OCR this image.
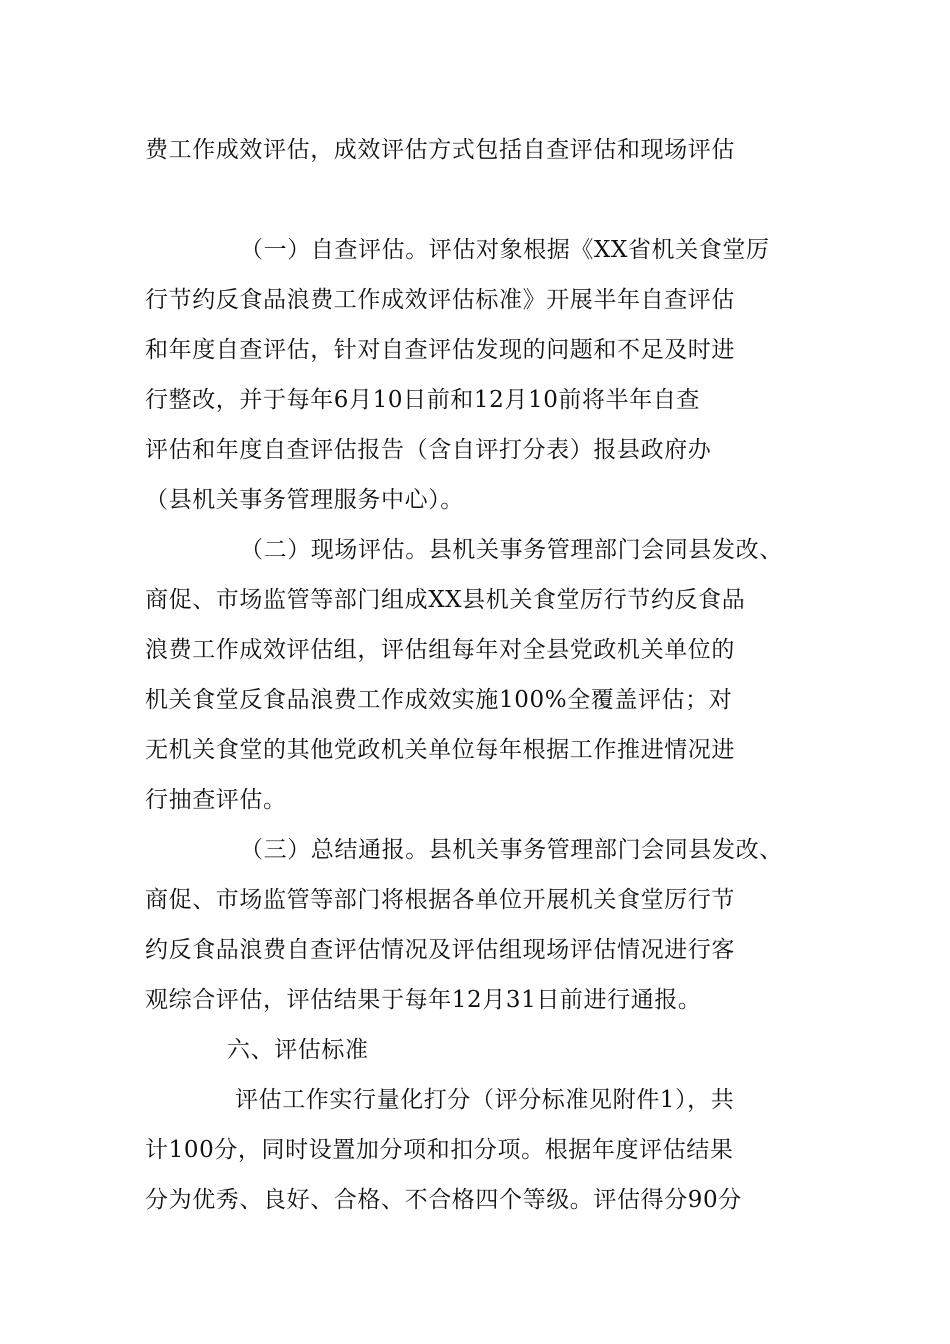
费工作成效评估，成效评估方式包括自查评估和现场评估
（一）自查评估。评估对象根据《XX省机关食堂厉
行节约反食品浪费工作成效评估标准》开展半年自查评估
和年度自查评估，针对自查评估发现的问题和不足及时进
行整改，并于每年6月10日前和12月10前将半年自查
评估和年度自查评估报告（含自评打分表）报县政府办
（县机关事务管理服务中心）。
（二）现场评估。县机关事务管理部门会同县发改、
商促、市场监管等部门组成XX县机关食堂厉行节约反食品
浪费工作成效评估组，评估组每年对全县党政机关单位的
机关食堂反食品浪费工作成效实施100%全覆盖评估；对
无机关食堂的其他党政机关单位每年根据工作推进情况进
行抽查评估。
（三）总结通报。县机关事务管理部门会同县发改、
商促、市场监管等部门将根据各单位开展机关食堂厉行节
约反食品浪费自查评估情况及评估组现场评估情况进行客
观综合评估，评估结果于每年12月31日前进行通报。
六、评估标准
评估工作实行量化打分（评分标准见附件1），共
计100分，同时设置加分项和扣分项。根据年度评估结果
分为优秀、良好、合格、不合格四个等级。评估得分90分
